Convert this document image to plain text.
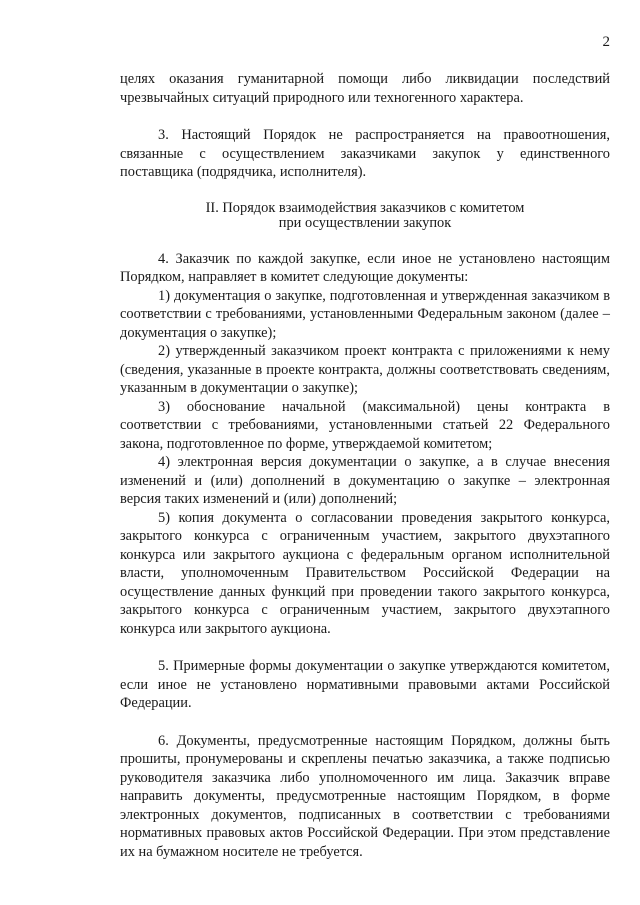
2

целях оказания гуманитарной помощи либо ликвидации последствий чрезвычайных ситуаций природного или техногенного характера.

3. Настоящий Порядок не распространяется на правоотношения, связанные с осуществлением заказчиками закупок у единственного поставщика (подрядчика, исполнителя).

II. Порядок взаимодействия заказчиков с комитетом

при осуществлении закупок

4. Заказчик по каждой закупке, если иное не установлено настоящим Порядком, направляет в комитет следующие документы:

1) документация о закупке, подготовленная и утвержденная заказчиком в соответствии с требованиями, установленными Федеральным законом (далее – документация о закупке);

2) утвержденный заказчиком проект контракта с приложениями к нему (сведения, указанные в проекте контракта, должны соответствовать сведениям, указанным в документации о закупке);

3) обоснование начальной (максимальной) цены контракта в соответствии с требованиями, установленными статьей 22 Федерального закона, подготовленное по форме, утверждаемой комитетом;

4) электронная версия документации о закупке, а в случае внесения изменений и (или) дополнений в документацию о закупке – электронная версия таких изменений и (или) дополнений;

5) копия документа о согласовании проведения закрытого конкурса, закрытого конкурса с ограниченным участием, закрытого двухэтапного конкурса или закрытого аукциона с федеральным органом исполнительной власти, уполномоченным Правительством Российской Федерации на осуществление данных функций при проведении такого закрытого конкурса, закрытого конкурса с ограниченным участием, закрытого двухэтапного конкурса или закрытого аукциона.

5. Примерные формы документации о закупке утверждаются комитетом, если иное не установлено нормативными правовыми актами Российской Федерации.

6. Документы, предусмотренные настоящим Порядком, должны быть прошиты, пронумерованы и скреплены печатью заказчика, а также подписью руководителя заказчика либо уполномоченного им лица. Заказчик вправе направить документы, предусмотренные настоящим Порядком, в форме электронных документов, подписанных в соответствии с требованиями нормативных правовых актов Российской Федерации. При этом представление их на бумажном носителе не требуется.
